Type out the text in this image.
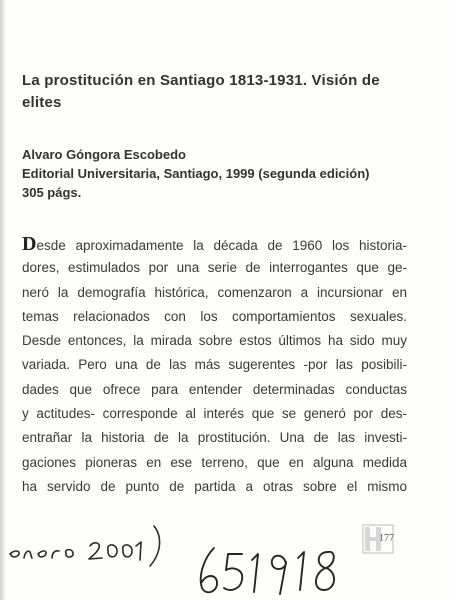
La prostitución en Santiago 1813-1931. Visión de elites
Alvaro Góngora Escobedo
Editorial Universitaria, Santiago, 1999 (segunda edición)
305 págs.
Desde aproximadamente la década de 1960 los historia-
dores, estimulados por una serie de interrogantes que ge-
neró la demografía histórica, comenzaron a incursionar en
temas relacionados con los comportamientos sexuales.
Desde entonces, la mirada sobre estos últimos ha sido muy
variada. Pero una de las más sugerentes -por las posibili-
dades que ofrece para entender determinadas conductas
y actitudes- corresponde al interés que se generó por des-
entrañar la historia de la prostitución. Una de las investi-
gaciones pioneras en ese terreno, que en alguna medida
ha servido de punto de partida a otras sobre el mismo
177
